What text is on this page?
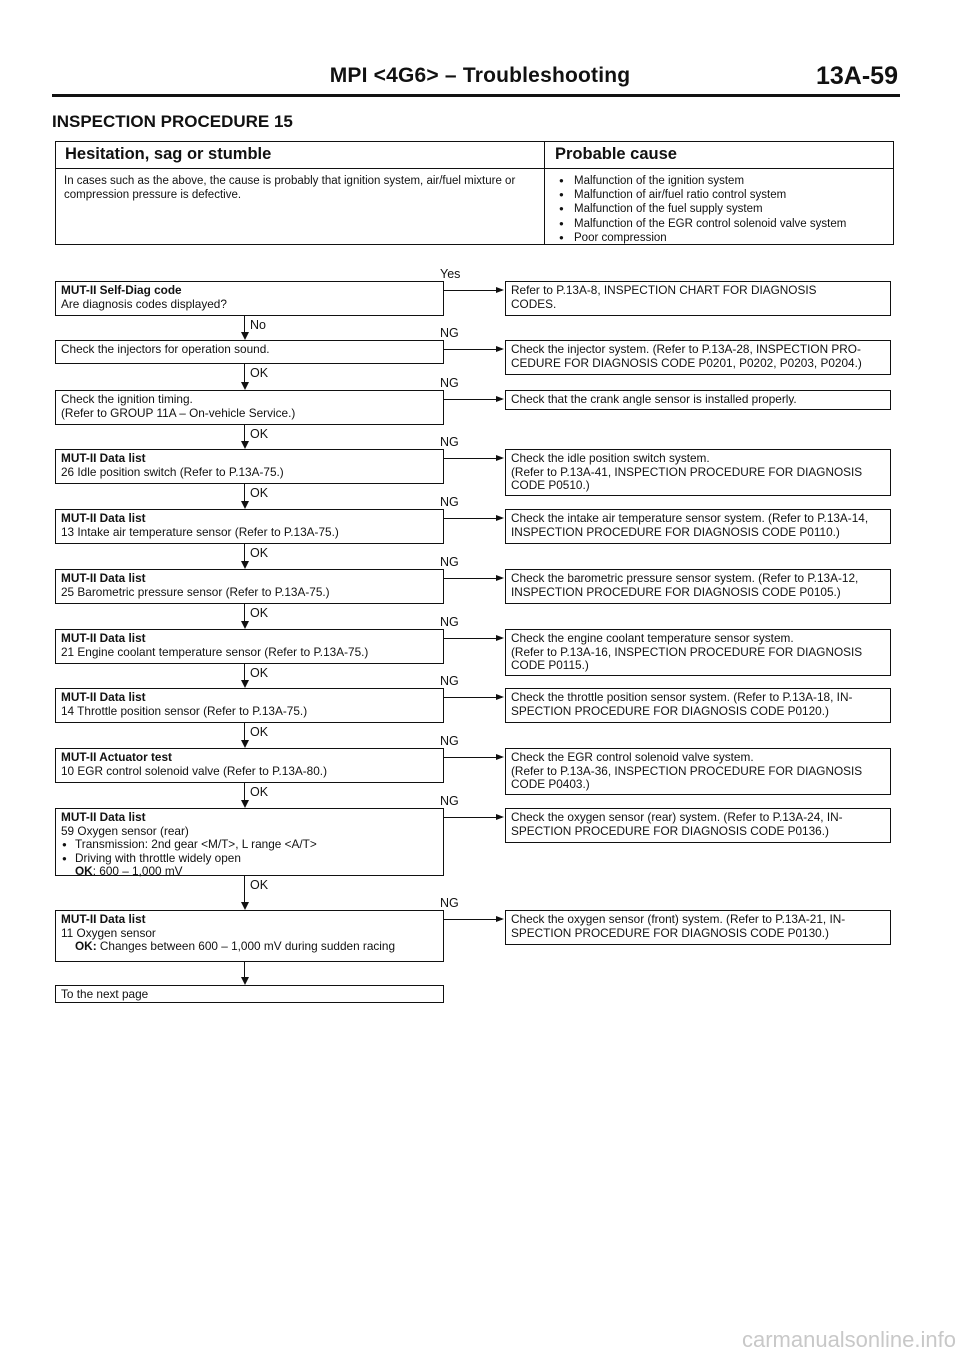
MPI <4G6> – Troubleshooting	13A-59
INSPECTION PROCEDURE 15
Hesitation, sag or stumble	Probable cause
In cases such as the above, the cause is probably that ignition system, air/fuel mixture or compression pressure is defective.
● Malfunction of the ignition system
● Malfunction of air/fuel ratio control system
● Malfunction of the fuel supply system
● Malfunction of the EGR control solenoid valve system
● Poor compression
MUT-II Self-Diag code
Are diagnosis codes displayed?
Refer to P.13A-8, INSPECTION CHART FOR DIAGNOSIS
CODES.
Yes
No
Check the injectors for operation sound.	Check the injector system. (Refer to P.13A-28, INSPECTION PRO-
CEDURE FOR DIAGNOSIS CODE P0201, P0202, P0203, P0204.)
NG
OK
Check the ignition timing.
(Refer to GROUP 11A – On-vehicle Service.)
Check that the crank angle sensor is installed properly.
NG
OK
MUT-II Data list
26 Idle position switch (Refer to P.13A-75.)
Check the idle position switch system.
(Refer to P.13A-41, INSPECTION PROCEDURE FOR DIAGNOSIS
CODE P0510.)
NG
OK
MUT-II Data list
13 Intake air temperature sensor (Refer to P.13A-75.)
Check the intake air temperature sensor system. (Refer to P.13A-14,
INSPECTION PROCEDURE FOR DIAGNOSIS CODE P0110.)
NG
OK
MUT-II Data list
25 Barometric pressure sensor (Refer to P.13A-75.)
Check the barometric pressure sensor system. (Refer to P.13A-12,
INSPECTION PROCEDURE FOR DIAGNOSIS CODE P0105.)
NG
OK
MUT-II Data list
21 Engine coolant temperature sensor (Refer to P.13A-75.)
Check the engine coolant temperature sensor system.
(Refer to P.13A-16, INSPECTION PROCEDURE FOR DIAGNOSIS
CODE P0115.)
NG
OK
MUT-II Data list
14 Throttle position sensor (Refer to P.13A-75.)
Check the throttle position sensor system. (Refer to P.13A-18, IN-
SPECTION PROCEDURE FOR DIAGNOSIS CODE P0120.)
NG
OK
MUT-II Actuator test
10 EGR control solenoid valve (Refer to P.13A-80.)
Check the EGR control solenoid valve system.
(Refer to P.13A-36, INSPECTION PROCEDURE FOR DIAGNOSIS
CODE P0403.)
NG
OK
MUT-II Data list
59 Oxygen sensor (rear)
● Transmission: 2nd gear <M/T>, L range <A/T>
● Driving with throttle widely open
OK: 600 – 1,000 mV
Check the oxygen sensor (rear) system. (Refer to P.13A-24, IN-
SPECTION PROCEDURE FOR DIAGNOSIS CODE P0136.)
NG
OK
MUT-II Data list
11 Oxygen sensor
OK: Changes between 600 – 1,000 mV during sudden racing
Check the oxygen sensor (front) system. (Refer to P.13A-21, IN-
SPECTION PROCEDURE FOR DIAGNOSIS CODE P0130.)
NG
To the next page
carmanualsonline.info
